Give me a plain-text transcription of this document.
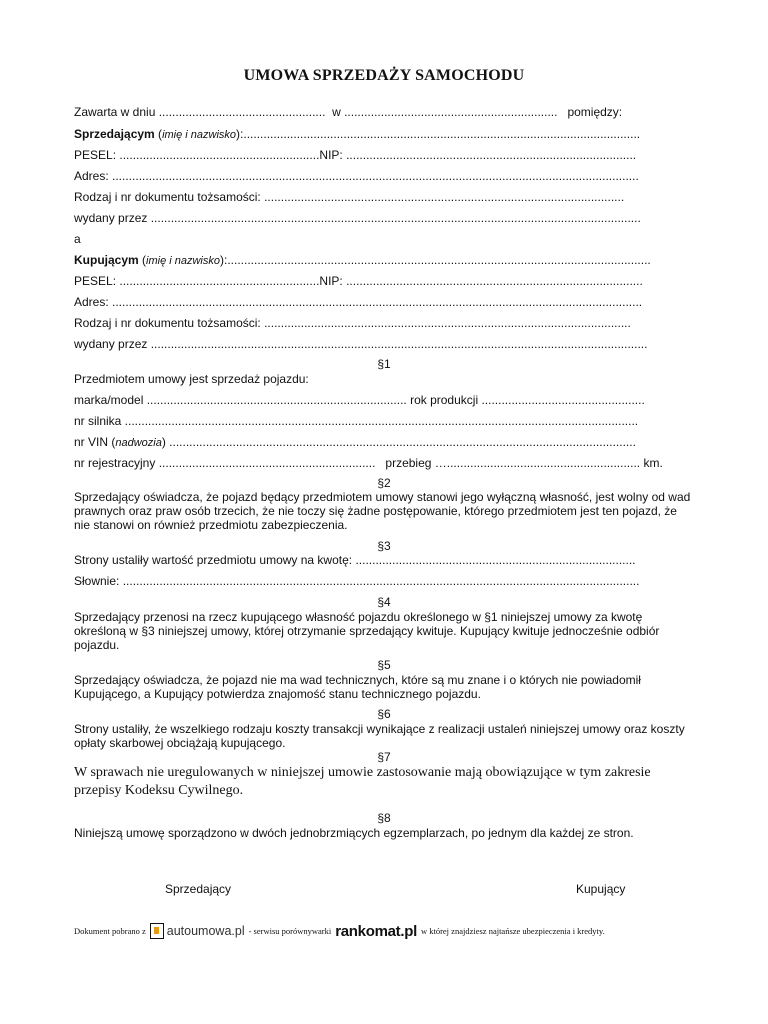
UMOWA SPRZEDAŻY SAMOCHODU
Zawarta w dniu ..................................................  w ................................................................   pomiędzy:
Sprzedającym (imię i nazwisko):.......................................................................................................................
PESEL: ............................................................NIP: .......................................................................................
Adres: ..............................................................................................................................................................
Rodzaj i nr dokumentu tożsamości: ............................................................................................................
wydany przez ...................................................................................................................................................
a
Kupującym (imię i nazwisko):...............................................................................................................................
PESEL: ............................................................NIP: .........................................................................................
Adres: ...............................................................................................................................................................
Rodzaj i nr dokumentu tożsamości: ..............................................................................................................
wydany przez .....................................................................................................................................................
§1
Przedmiotem umowy jest sprzedaż pojazdu:
marka/model .............................................................................. rok produkcji .................................................
nr silnika ..........................................................................................................................................................
nr VIN (nadwozia) ............................................................................................................................................
nr rejestracyjny .................................................................   przebieg ….......................................................... km.
§2
Sprzedający oświadcza, że pojazd będący przedmiotem umowy stanowi jego wyłączną własność, jest wolny od wad prawnych oraz praw osób trzecich, że nie toczy się żadne postępowanie, którego przedmiotem jest ten pojazd, że nie stanowi on również przedmiotu zabezpieczenia.
§3
Strony ustaliły wartość przedmiotu umowy na kwotę: ....................................................................................
Słownie: ...........................................................................................................................................................
§4
Sprzedający przenosi na rzecz kupującego własność pojazdu określonego w §1 niniejszej umowy za kwotę określoną w §3 niniejszej umowy, której otrzymanie sprzedający kwituje. Kupujący kwituje jednocześnie odbiór pojazdu.
§5
Sprzedający oświadcza, że pojazd nie ma wad technicznych, które są mu znane i o których nie powiadomił Kupującego, a Kupujący potwierdza znajomość stanu technicznego pojazdu.
§6
Strony ustaliły, że wszelkiego rodzaju koszty transakcji wynikające z realizacji ustaleń niniejszej umowy oraz koszty opłaty skarbowej obciążają kupującego.
§7
W sprawach nie uregulowanych w niniejszej umowie zastosowanie mają obowiązujące w tym zakresie przepisy Kodeksu Cywilnego.
§8
Niniejszą umowę sporządzono w dwóch jednobrzmiących egzemplarzach, po jednym dla każdej ze stron.
Sprzedający	Kupujący
Dokument pobrano z autoumowa.pl - serwisu porównywarki rankomat.pl w której znajdziesz najtańsze ubezpieczenia i kredyty.
